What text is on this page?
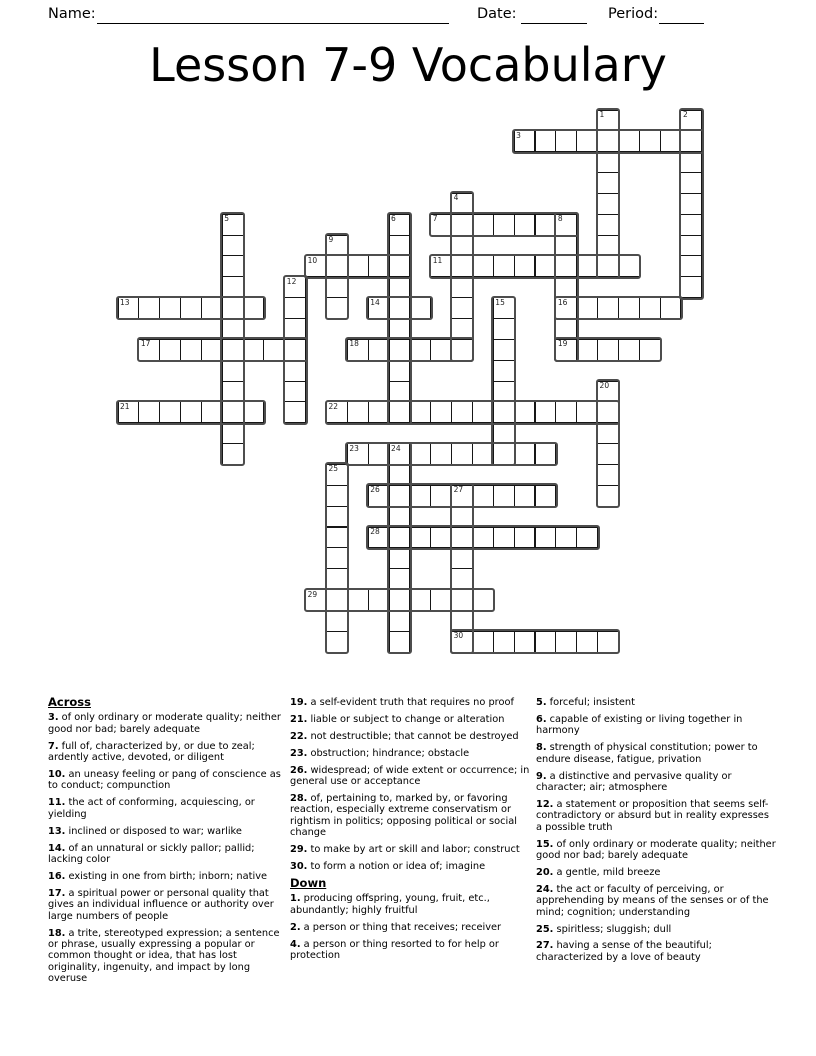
Name:	Date:	Period:
Lesson 7-9 Vocabulary
1	2
3
4
5	6	7	8
9
10	11
12
13	14	15	16
17	18	19
20
21	22
23	24
25
26	27
28
29
30
Across
3. of only ordinary or moderate quality; neither good nor bad; barely adequate
7. full of, characterized by, or due to zeal; ardently active, devoted, or diligent
10. an uneasy feeling or pang of conscience as to conduct; compunction
11. the act of conforming, acquiescing, or yielding
13. inclined or disposed to war; warlike
14. of an unnatural or sickly pallor; pallid; lacking color
16. existing in one from birth; inborn; native
17. a spiritual power or personal quality that gives an individual influence or authority over large numbers of people
18. a trite, stereotyped expression; a sentence or phrase, usually expressing a popular or common thought or idea, that has lost originality, ingenuity, and impact by long overuse
19. a self-evident truth that requires no proof
21. liable or subject to change or alteration
22. not destructible; that cannot be destroyed
23. obstruction; hindrance; obstacle
26. widespread; of wide extent or occurrence; in general use or acceptance
28. of, pertaining to, marked by, or favoring reaction, especially extreme conservatism or rightism in politics; opposing political or social change
29. to make by art or skill and labor; construct
30. to form a notion or idea of; imagine
Down
1. producing offspring, young, fruit, etc., abundantly; highly fruitful
2. a person or thing that receives; receiver
4. a person or thing resorted to for help or protection
5. forceful; insistent
6. capable of existing or living together in harmony
8. strength of physical constitution; power to endure disease, fatigue, privation
9. a distinctive and pervasive quality or character; air; atmosphere
12. a statement or proposition that seems self-contradictory or absurd but in reality expresses a possible truth
15. of only ordinary or moderate quality; neither good nor bad; barely adequate
20. a gentle, mild breeze
24. the act or faculty of perceiving, or apprehending by means of the senses or of the mind; cognition; understanding
25. spiritless; sluggish; dull
27. having a sense of the beautiful; characterized by a love of beauty
